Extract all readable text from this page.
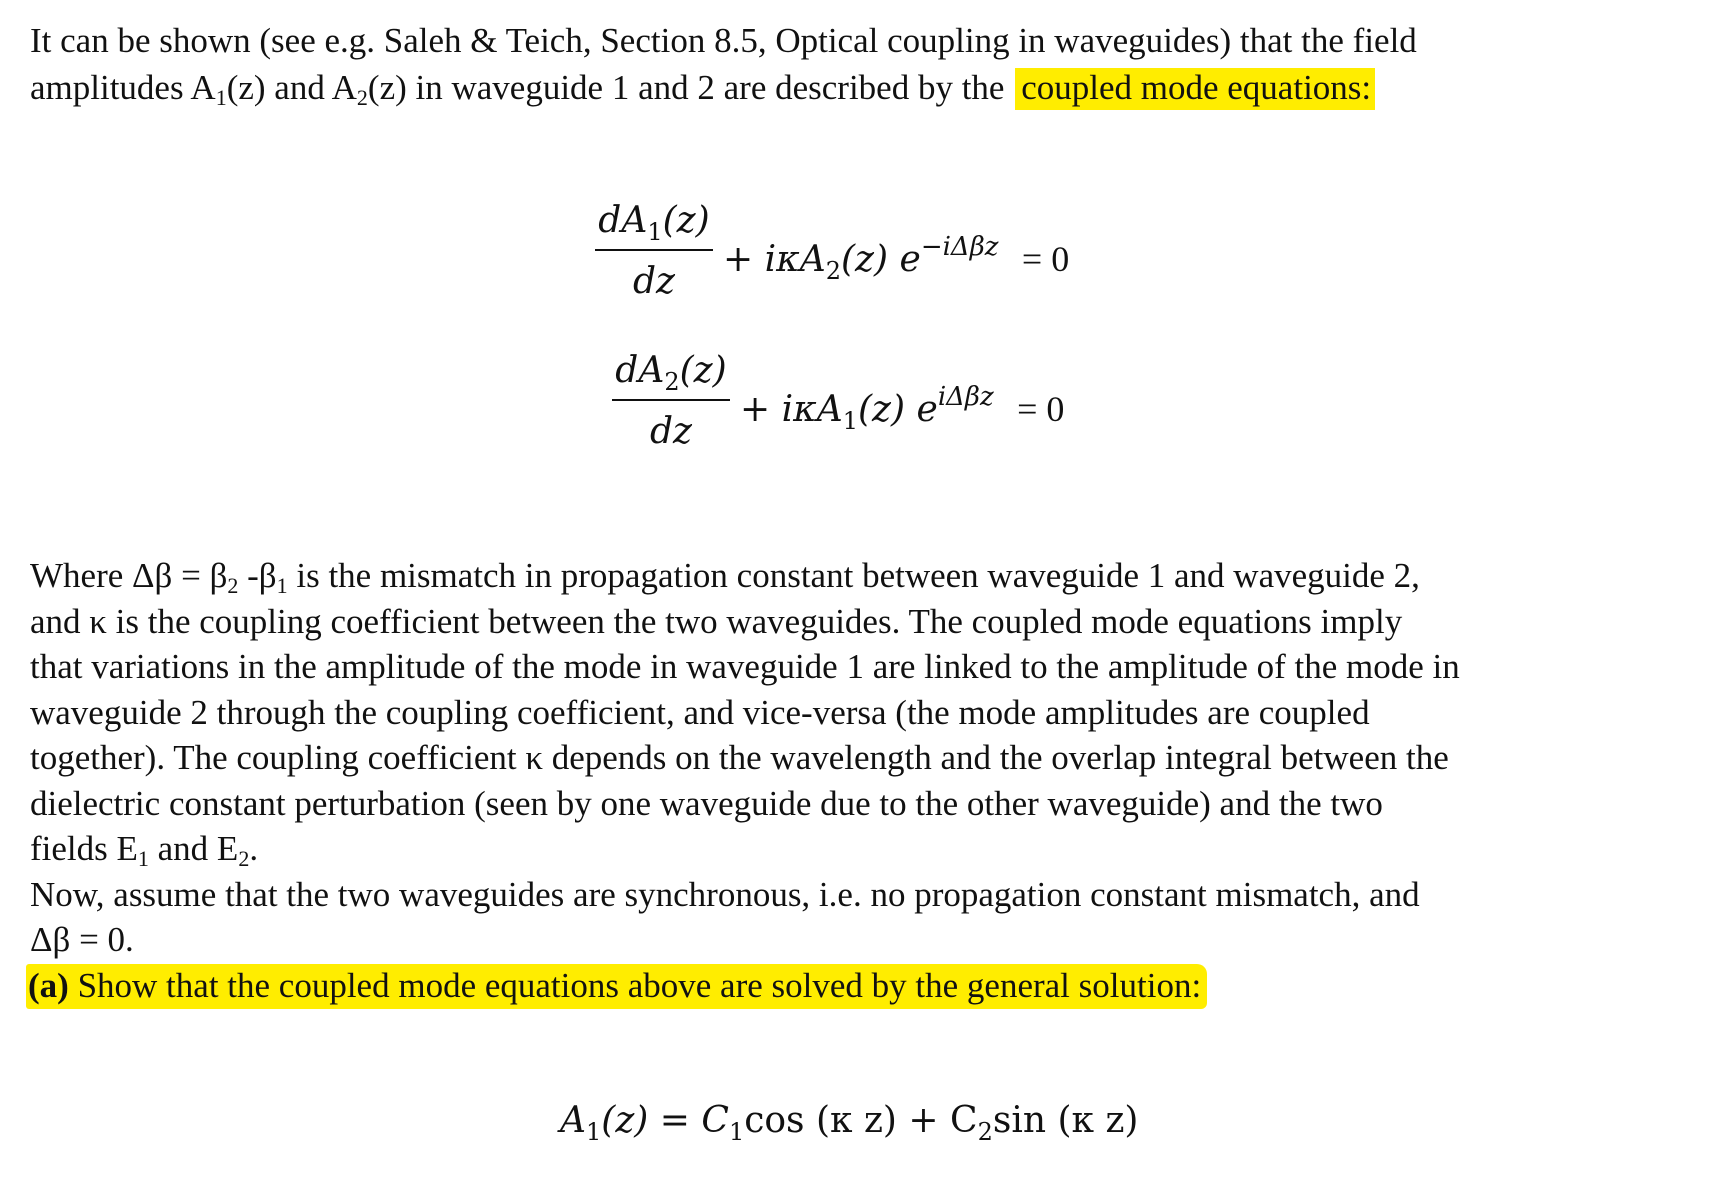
It can be shown (see e.g. Saleh & Teich, Section 8.5, Optical coupling in waveguides) that the field
amplitudes $A_1(z)$ and $A_2(z)$ in waveguide 1 and 2 are described by the coupled mode equations:

$dA_1(z)$
dz
+ iκA$_2$(z) $e^{-i\Delta\beta z} = 0$
$dA_2(z)$
dz
+ iκA$_1$(z) $e^{i\Delta\beta z} = 0$

Where $\Delta\beta = \beta_2$ $-\beta_1$ is the mismatch in propagation constant between waveguide 1 and waveguide 2,
and κ is the coupling coefficient between the two waveguides. The coupled mode equations imply
that variations in the amplitude of the mode in waveguide 1 are linked to the amplitude of the mode in
waveguide 2 through the coupling coefficient, and vice-versa (the mode amplitudes are coupled
together). The coupling coefficient κ depends on the wavelength and the overlap integral between the
dielectric constant perturbation (seen by one waveguide due to the other waveguide) and the two
fields $E_1$ and $E_2$.
Now, assume that the two waveguides are synchronous, i.e. no propagation constant mismatch, and
Δβ = 0.
(a) Show that the coupled mode equations above are solved by the general solution:

$A_1(z) = C_1\cos$ (κ $z) + C_2\sin$ (κ z)
